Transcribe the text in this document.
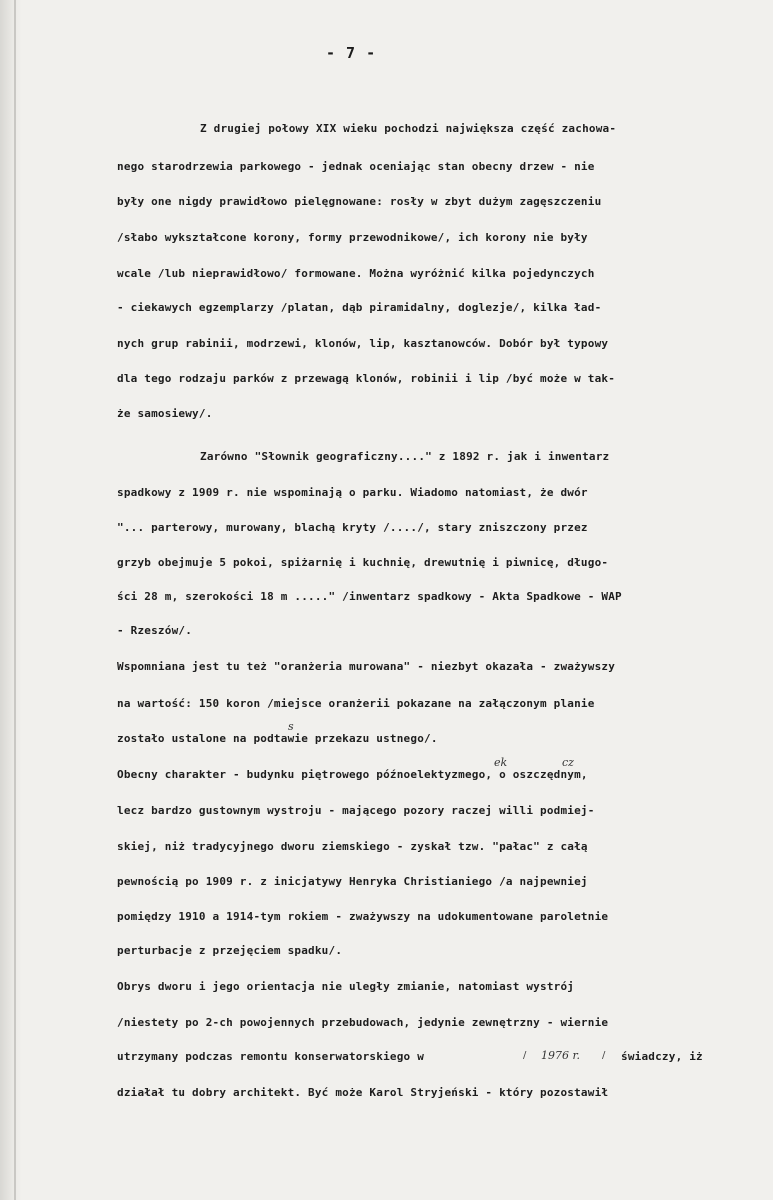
- 7 -
Z drugiej połowy XIX wieku pochodzi największa część zachowa-
nego starodrzewia parkowego - jednak oceniając stan obecny drzew - nie
były one nigdy prawidłowo pielęgnowane: rosły w zbyt dużym zagęszczeniu
/słabo wykształcone korony, formy przewodnikowe/, ich korony nie były
wcale /lub nieprawidłowo/ formowane. Można wyróżnić kilka pojedynczych
- ciekawych egzemplarzy /platan, dąb piramidalny, doglezje/, kilka ład-
nych grup rabinii, modrzewi, klonów, lip, kasztanowców. Dobór był typowy
dla tego rodzaju parków z przewagą klonów, robinii i lip /być może w tak-
że samosiewy/.
Zarówno "Słownik geograficzny...." z 1892 r. jak i inwentarz
spadkowy z 1909 r. nie wspominają o parku. Wiadomo natomiast, że dwór
"... parterowy, murowany, blachą kryty /..../, stary zniszczony przez
grzyb obejmuje 5 pokoi, spiżarnię i kuchnię, drewutnię i piwnicę, długo-
ści 28 m, szerokości 18 m ....." /inwentarz spadkowy - Akta Spadkowe - WAP
- Rzeszów/.
Wspomniana jest tu też "oranżeria murowana" - niezbyt okazała - zważywszy
na wartość: 150 koron /miejsce oranżerii pokazane na załączonym planie
zostało ustalone na podtawie przekazu ustnego/.
Obecny charakter - budynku piętrowego późnoelektyzmego, o oszczędnym,
lecz bardzo gustownym wystroju - mającego pozory raczej willi podmiej-
skiej, niż tradycyjnego dworu ziemskiego - zyskał tzw. "pałac" z całą
pewnością po 1909 r. z inicjatywy Henryka Christianiego /a najpewniej
pomiędzy 1910 a 1914-tym rokiem - zważywszy na udokumentowane paroletnie
perturbacje z przejęciem spadku/.
Obrys dworu i jego orientacja nie uległy zmianie, natomiast wystrój
/niestety po 2-ch powojennych przebudowach, jedynie zewnętrzny - wiernie
utrzymany podczas remontu konserwatorskiego w	świadczy, iż
działał tu dobry architekt. Być może Karol Stryjeński - który pozostawił
s
ek	cz
1976 r.
/	/
